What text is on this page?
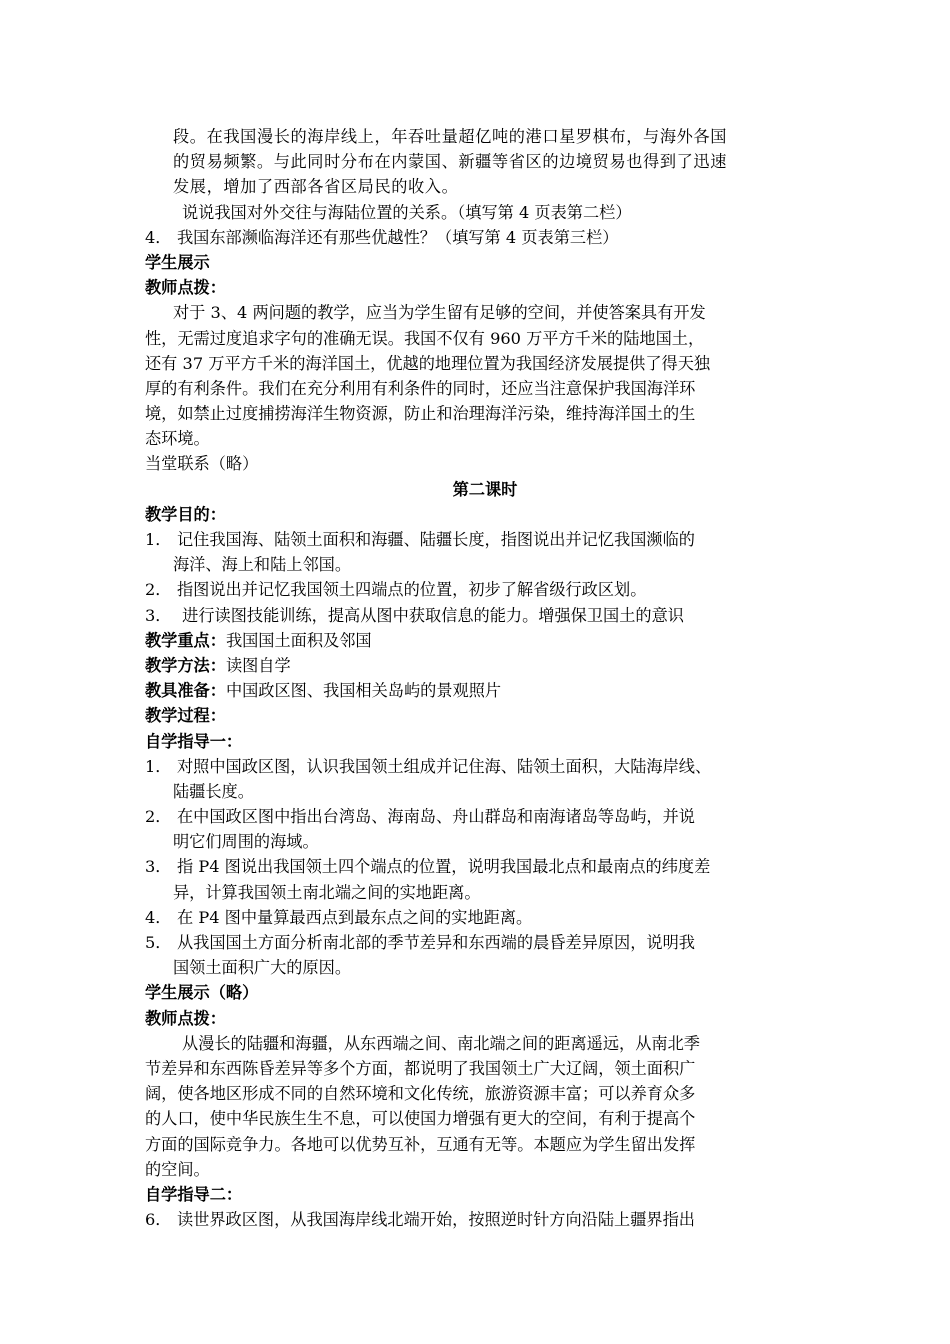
段。在我国漫长的海岸线上，年吞吐量超亿吨的港口星罗棋布，与海外各国
的贸易频繁。与此同时分布在内蒙国、新疆等省区的边境贸易也得到了迅速
发展，增加了西部各省区局民的收入。
说说我国对外交往与海陆位置的关系。（填写第 4 页表第二栏）
4． 我国东部濒临海洋还有那些优越性？（填写第 4 页表第三栏）
学生展示
教师点拨：
对于 3、4 两问题的教学，应当为学生留有足够的空间，并使答案具有开发
性，无需过度追求字句的准确无误。我国不仅有 960 万平方千米的陆地国土，
还有 37 万平方千米的海洋国土，优越的地理位置为我国经济发展提供了得天独
厚的有利条件。我们在充分利用有利条件的同时，还应当注意保护我国海洋环
境，如禁止过度捕捞海洋生物资源，防止和治理海洋污染，维持海洋国土的生
态环境。
当堂联系（略）
第二课时
教学目的：
1． 记住我国海、陆领土面积和海疆、陆疆长度，指图说出并记忆我国濒临的
海洋、海上和陆上邻国。
2． 指图说出并记忆我国领土四端点的位置，初步了解省级行政区划。
3． 进行读图技能训练，提高从图中获取信息的能力。增强保卫国土的意识
教学重点：我国国土面积及邻国
教学方法：读图自学
教具准备：中国政区图、我国相关岛屿的景观照片
教学过程：
自学指导一：
1． 对照中国政区图，认识我国领土组成并记住海、陆领土面积，大陆海岸线、
陆疆长度。
2． 在中国政区图中指出台湾岛、海南岛、舟山群岛和南海诸岛等岛屿，并说
明它们周围的海域。
3． 指 P4 图说出我国领土四个端点的位置，说明我国最北点和最南点的纬度差
异，计算我国领土南北端之间的实地距离。
4． 在 P4 图中量算最西点到最东点之间的实地距离。
5． 从我国国土方面分析南北部的季节差异和东西端的晨昏差异原因，说明我
国领土面积广大的原因。
学生展示（略）
教师点拨：
从漫长的陆疆和海疆，从东西端之间、南北端之间的距离遥远，从南北季
节差异和东西陈昏差异等多个方面，都说明了我国领土广大辽阔，领土面积广
阔，使各地区形成不同的自然环境和文化传统，旅游资源丰富；可以养育众多
的人口，使中华民族生生不息，可以使国力增强有更大的空间，有利于提高个
方面的国际竞争力。各地可以优势互补，互通有无等。本题应为学生留出发挥
的空间。
自学指导二：
6． 读世界政区图，从我国海岸线北端开始，按照逆时针方向沿陆上疆界指出
